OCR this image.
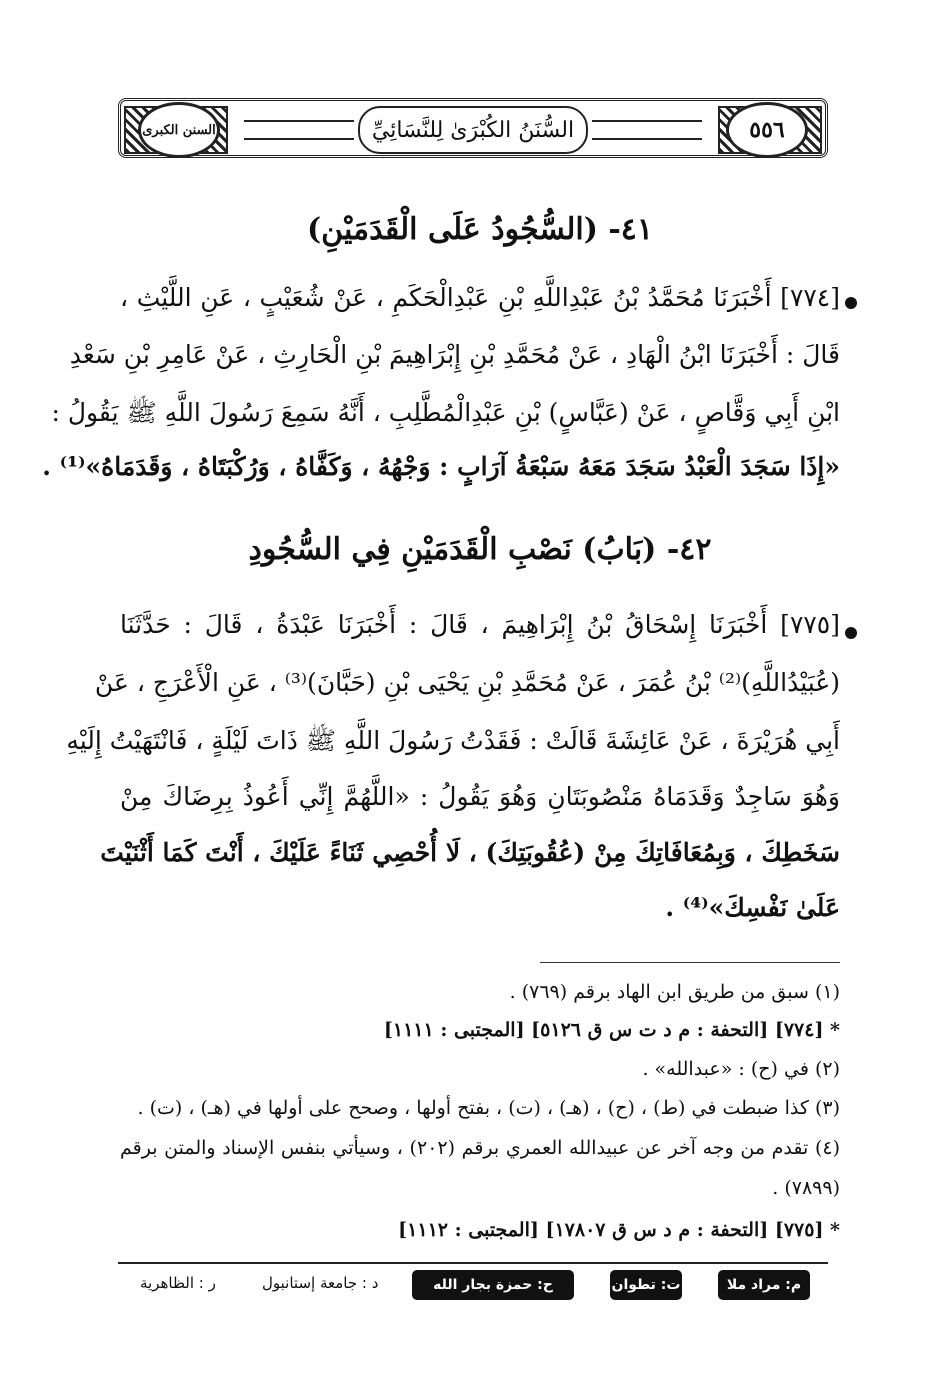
٥٥٦
السنن الكبرى	السُّنَنُ الكُبْرَىٰ لِلنَّسَائِيِّ
٤١- (السُّجُودُ عَلَى الْقَدَمَيْنِ)
[٧٧٤] أَخْبَرَنَا مُحَمَّدُ بْنُ عَبْدِاللَّهِ بْنِ عَبْدِالْحَكَمِ ، عَنْ شُعَيْبٍ ، عَنِ اللَّيْثِ ،
قَالَ : أَخْبَرَنَا ابْنُ الْهَادِ ، عَنْ مُحَمَّدِ بْنِ إِبْرَاهِيمَ بْنِ الْحَارِثِ ، عَنْ عَامِرِ بْنِ سَعْدِ
ابْنِ أَبِي وَقَّاصٍ ، عَنْ (عَبَّاسٍ) بْنِ عَبْدِالْمُطَّلِبِ ، أَنَّهُ سَمِعَ رَسُولَ اللَّهِ ﷺ يَقُولُ :
«إِذَا سَجَدَ الْعَبْدُ سَجَدَ مَعَهُ سَبْعَةُ آرَابٍ : وَجْهُهُ ، وَكَفَّاهُ ، وَرُكْبَتَاهُ ، وَقَدَمَاهُ»⁽¹⁾ .
٤٢- (بَابُ) نَصْبِ الْقَدَمَيْنِ فِي السُّجُودِ
[٧٧٥] أَخْبَرَنَا إِسْحَاقُ بْنُ إِبْرَاهِيمَ ، قَالَ : أَخْبَرَنَا عَبْدَةُ ، قَالَ : حَدَّثَنَا
(عُبَيْدُاللَّهِ)⁽²⁾ بْنُ عُمَرَ ، عَنْ مُحَمَّدِ بْنِ يَحْيَى بْنِ (حَبَّانَ)⁽³⁾ ، عَنِ الْأَعْرَجِ ، عَنْ
أَبِي هُرَيْرَةَ ، عَنْ عَائِشَةَ قَالَتْ : فَقَدْتُ رَسُولَ اللَّهِ ﷺ ذَاتَ لَيْلَةٍ ، فَانْتَهَيْتُ إِلَيْهِ
وَهُوَ سَاجِدٌ وَقَدَمَاهُ مَنْصُوبَتَانِ وَهُوَ يَقُولُ : «اللَّهُمَّ إِنِّي أَعُوذُ بِرِضَاكَ مِنْ
سَخَطِكَ ، وَبِمُعَافَاتِكَ مِنْ (عُقُوبَتِكَ) ، لَا أُحْصِي ثَنَاءً عَلَيْكَ ، أَنْتَ كَمَا أَثْنَيْتَ
عَلَىٰ نَفْسِكَ»⁽⁴⁾ .
(١) سبق من طريق ابن الهاد برقم (٧٦٩) .
* [٧٧٤] [التحفة : م د ت س ق ٥١٢٦] [المجتبى : ١١١١]
(٢) في (ح) : «عبدالله» .
(٣) كذا ضبطت في (ط) ، (ح) ، (هـ) ، (ت) ، بفتح أولها ، وصحح على أولها في (هـ) ، (ت) .
(٤) تقدم من وجه آخر عن عبيدالله العمري برقم (٢٠٢) ، وسيأتي بنفس الإسناد والمتن برقم
(٧٨٩٩) .
* [٧٧٥] [التحفة : م د س ق ١٧٨٠٧] [المجتبى : ١١١٢]
م: مراد ملا
ت: تطوان
ح: حمزة بجار الله
د : جامعة إستانبول
ر : الظاهرية
